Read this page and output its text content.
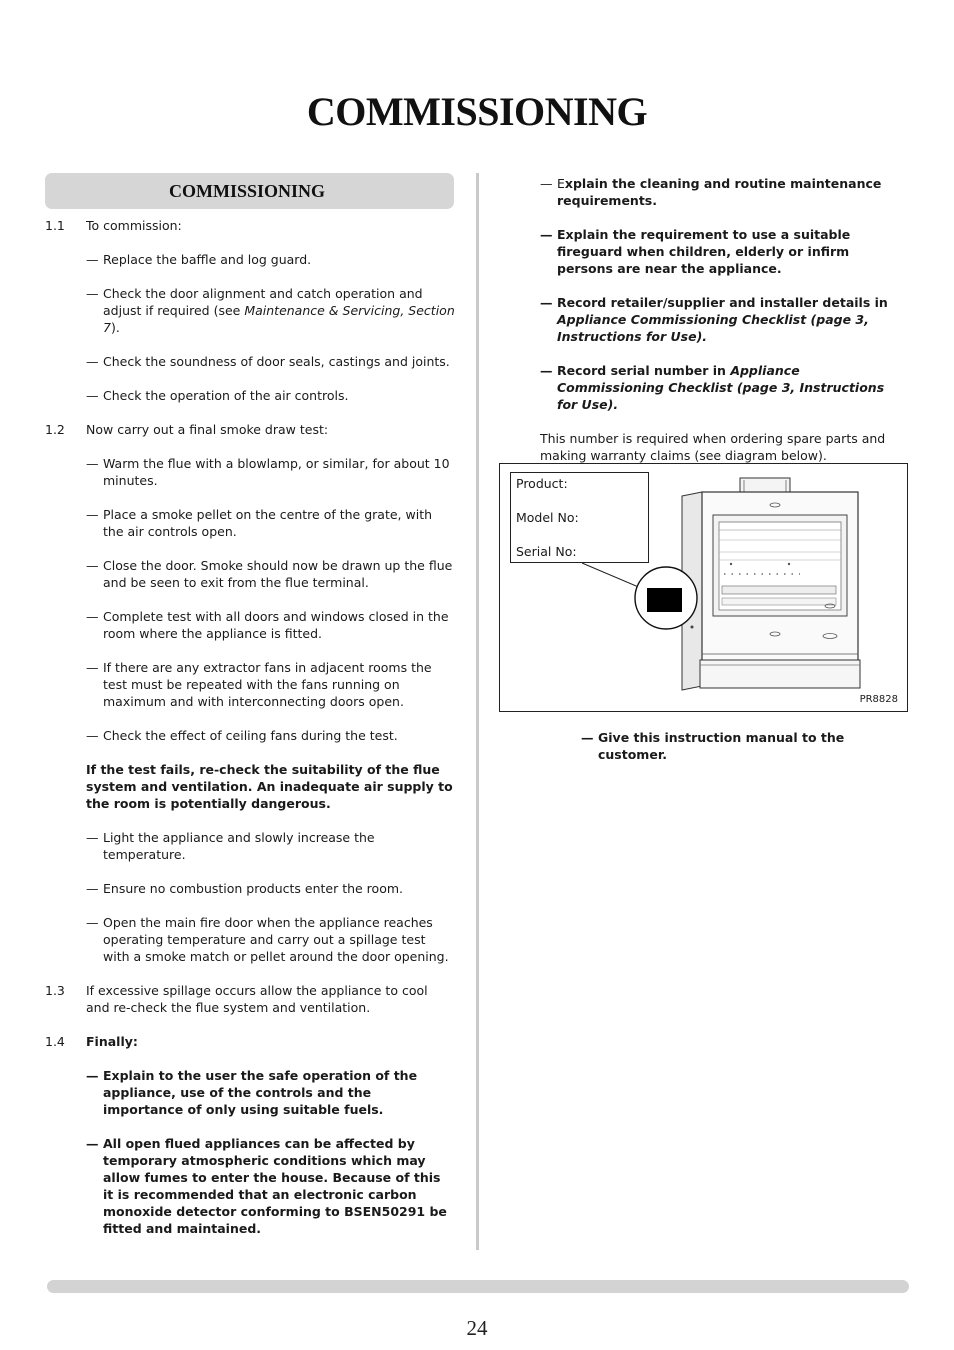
COMMISSIONING
COMMISSIONING
1.1	To commission:
— Replace the baffle and log guard.
— Check the door alignment and catch operation and adjust if required (see Maintenance & Servicing, Section 7).
— Check the soundness of door seals, castings and joints.
— Check the operation of the air controls.
1.2	Now carry out a final smoke draw test:
— Warm the flue with a blowlamp, or similar, for about 10 minutes.
— Place a smoke pellet on the centre of the grate, with the air controls open.
— Close the door. Smoke should now be drawn up the flue and be seen to exit from the flue terminal.
— Complete test with all doors and windows closed in the room where the appliance is fitted.
— If there are any extractor fans in adjacent rooms the test must be repeated with the fans running on maximum and with interconnecting doors open.
— Check the effect of ceiling fans during the test.
If the test fails, re-check the suitability of the flue system and ventilation. An inadequate air supply to the room is potentially dangerous.
— Light the appliance and slowly increase the temperature.
— Ensure no combustion products enter the room.
— Open the main fire door when the appliance reaches operating temperature and carry out a spillage test with a smoke match or pellet around the door opening.
1.3	If excessive spillage occurs allow the appliance to cool and re-check the flue system and ventilation.
1.4	Finally:
— Explain to the user the safe operation of the appliance, use of the controls and the importance of only using suitable fuels.
— All open flued appliances can be affected by temporary atmospheric conditions which may allow fumes to enter the house. Because of this it is recommended that an electronic carbon monoxide detector conforming to BSEN50291 be fitted and maintained.
— Explain the cleaning and routine maintenance requirements.
— Explain the requirement to use a suitable fireguard when children, elderly or infirm persons are near the appliance.
— Record retailer/supplier and installer details in Appliance Commissioning Checklist (page 3, Instructions for Use).
— Record serial number in Appliance Commissioning Checklist (page 3, Instructions for Use).
This number is required when ordering spare parts and making warranty claims (see diagram below).
Product:
Model No:
Serial No:
PR8828
— Give this instruction manual to the customer.
24
